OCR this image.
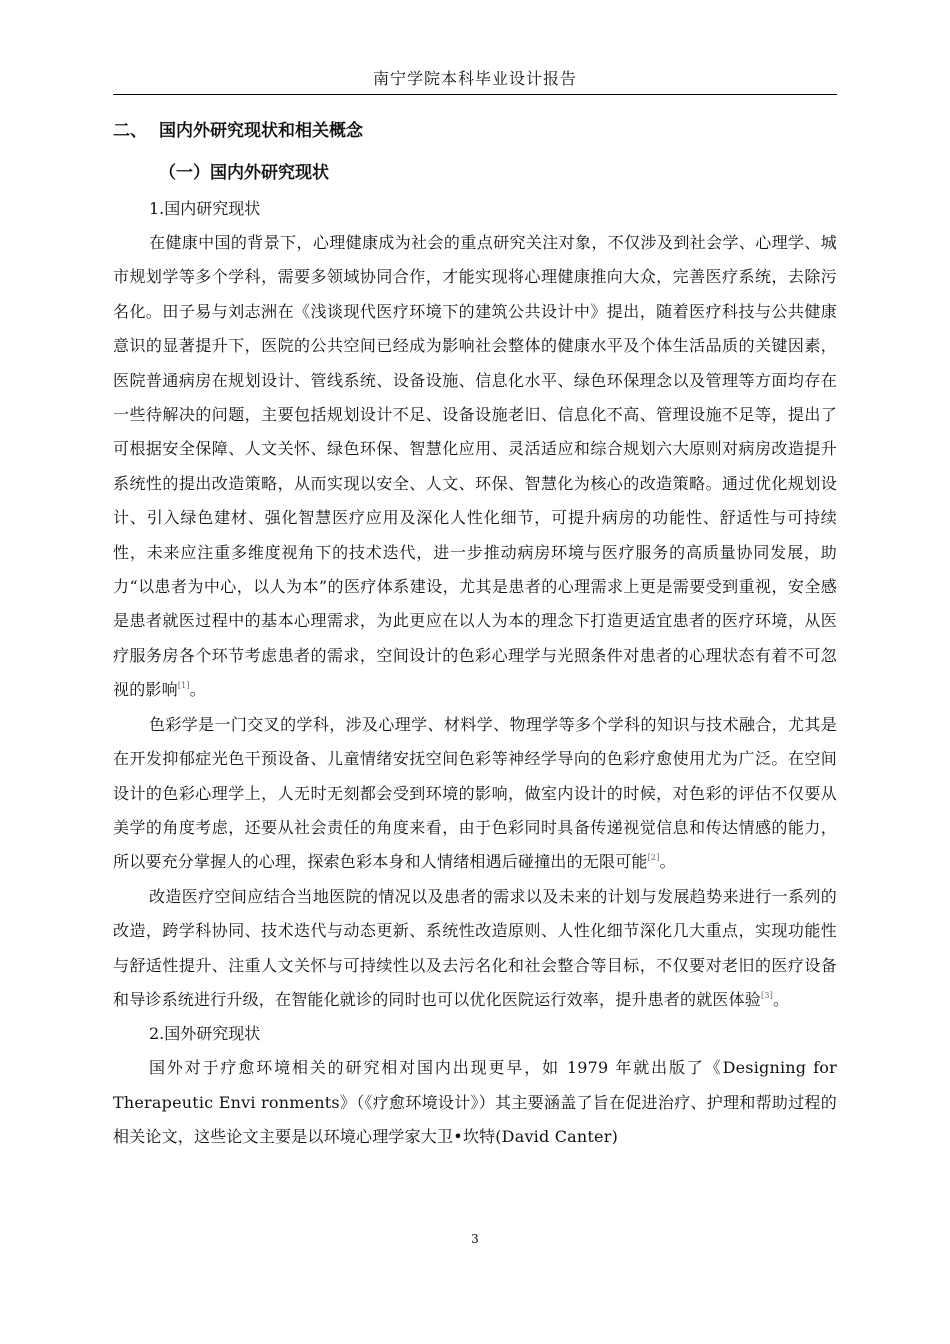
南宁学院本科毕业设计报告
二、 国内外研究现状和相关概念
（一）国内外研究现状
1.国内研究现状

在健康中国的背景下，心理健康成为社会的重点研究关注对象，不仅涉及到社会学、心理学、城市规划学等多个学科，需要多领域协同合作，才能实现将心理健康推向大众，完善医疗系统，去除污名化。田子易与刘志洲在《浅谈现代医疗环境下的建筑公共设计中》提出，随着医疗科技与公共健康意识的显著提升下，医院的公共空间已经成为影响社会整体的健康水平及个体生活品质的关键因素，医院普通病房在规划设计、管线系统、设备设施、信息化水平、绿色环保理念以及管理等方面均存在一些待解决的问题，主要包括规划设计不足、设备设施老旧、信息化不高、管理设施不足等，提出了可根据安全保障、人文关怀、绿色环保、智慧化应用、灵活适应和综合规划六大原则对病房改造提升系统性的提出改造策略，从而实现以安全、人文、环保、智慧化为核心的改造策略。通过优化规划设计、引入绿色建材、强化智慧医疗应用及深化人性化细节，可提升病房的功能性、舒适性与可持续性，未来应注重多维度视角下的技术迭代，进一步推动病房环境与医疗服务的高质量协同发展，助力“以患者为中心，以人为本”的医疗体系建设，尤其是患者的心理需求上更是需要受到重视，安全感是患者就医过程中的基本心理需求，为此更应在以人为本的理念下打造更适宜患者的医疗环境，从医疗服务房各个环节考虑患者的需求，空间设计的色彩心理学与光照条件对患者的心理状态有着不可忽视的影响[1]。

色彩学是一门交叉的学科，涉及心理学、材料学、物理学等多个学科的知识与技术融合，尤其是在开发抑郁症光色干预设备、儿童情绪安抚空间色彩等神经学导向的色彩疗愈使用尤为广泛。在空间设计的色彩心理学上，人无时无刻都会受到环境的影响，做室内设计的时候，对色彩的评估不仅要从美学的角度考虑，还要从社会责任的角度来看，由于色彩同时具备传递视觉信息和传达情感的能力，所以要充分掌握人的心理，探索色彩本身和人情绪相遇后碰撞出的无限可能[2]。

改造医疗空间应结合当地医院的情况以及患者的需求以及未来的计划与发展趋势来进行一系列的改造，跨学科协同、技术迭代与动态更新、系统性改造原则、人性化细节深化几大重点，实现功能性与舒适性提升、注重人文关怀与可持续性以及去污名化和社会整合等目标，不仅要对老旧的医疗设备和导诊系统进行升级，在智能化就诊的同时也可以优化医院运行效率，提升患者的就医体验[3]。

2.国外研究现状

国外对于疗愈环境相关的研究相对国内出现更早，如 1979 年就出版了《Designing for Therapeutic Envi ronments》（《疗愈环境设计》）其主要涵盖了旨在促进治疗、护理和帮助过程的相关论文，这些论文主要是以环境心理学家大卫•坎特(David Canter)

3
